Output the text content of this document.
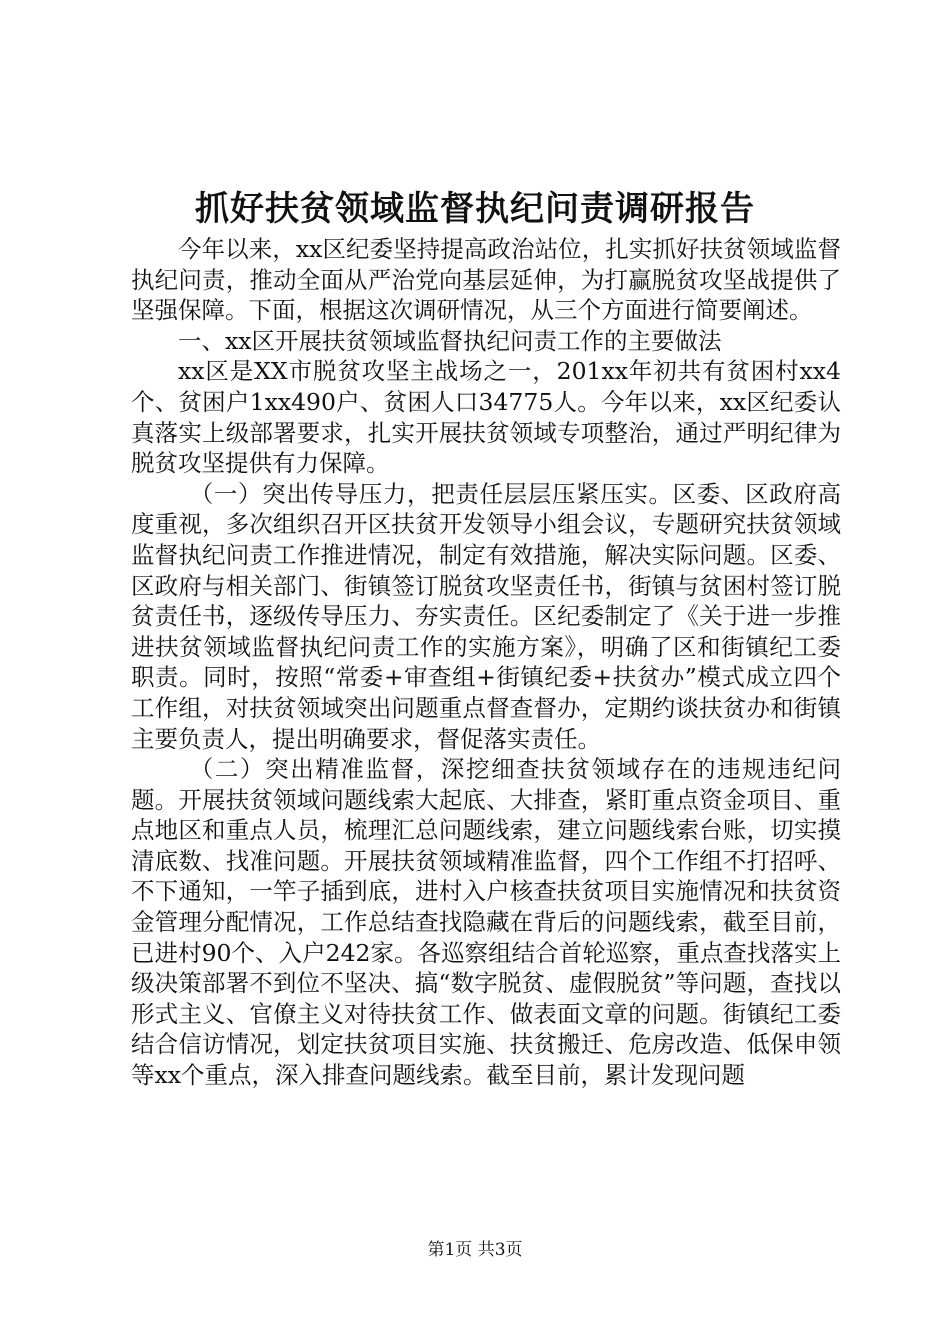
抓好扶贫领域监督执纪问责调研报告

今年以来，xx区纪委坚持提高政治站位，扎实抓好扶贫领域监督执纪问责，推动全面从严治党向基层延伸，为打赢脱贫攻坚战提供了坚强保障。下面，根据这次调研情况，从三个方面进行简要阐述。

一、xx区开展扶贫领域监督执纪问责工作的主要做法

xx区是XX市脱贫攻坚主战场之一，201xx年初共有贫困村xx4个、贫困户1xx490户、贫困人口34775人。今年以来，xx区纪委认真落实上级部署要求，扎实开展扶贫领域专项整治，通过严明纪律为脱贫攻坚提供有力保障。

（一）突出传导压力，把责任层层压紧压实。区委、区政府高度重视，多次组织召开区扶贫开发领导小组会议，专题研究扶贫领域监督执纪问责工作推进情况，制定有效措施，解决实际问题。区委、区政府与相关部门、街镇签订脱贫攻坚责任书，街镇与贫困村签订脱贫责任书，逐级传导压力、夯实责任。区纪委制定了《关于进一步推进扶贫领域监督执纪问责工作的实施方案》，明确了区和街镇纪工委职责。同时，按照“常委+审查组+街镇纪委+扶贫办”模式成立四个工作组，对扶贫领域突出问题重点督查督办，定期约谈扶贫办和街镇主要负责人，提出明确要求，督促落实责任。

（二）突出精准监督，深挖细查扶贫领域存在的违规违纪问题。开展扶贫领域问题线索大起底、大排查，紧盯重点资金项目、重点地区和重点人员，梳理汇总问题线索，建立问题线索台账，切实摸清底数、找准问题。开展扶贫领域精准监督，四个工作组不打招呼、不下通知，一竿子插到底，进村入户核查扶贫项目实施情况和扶贫资金管理分配情况，工作总结查找隐藏在背后的问题线索，截至目前，已进村90个、入户242家。各巡察组结合首轮巡察，重点查找落实上级决策部署不到位不坚决、搞“数字脱贫、虚假脱贫”等问题，查找以形式主义、官僚主义对待扶贫工作、做表面文章的问题。街镇纪工委结合信访情况，划定扶贫项目实施、扶贫搬迁、危房改造、低保申领等xx个重点，深入排查问题线索。截至目前，累计发现问题

第1页 共3页
